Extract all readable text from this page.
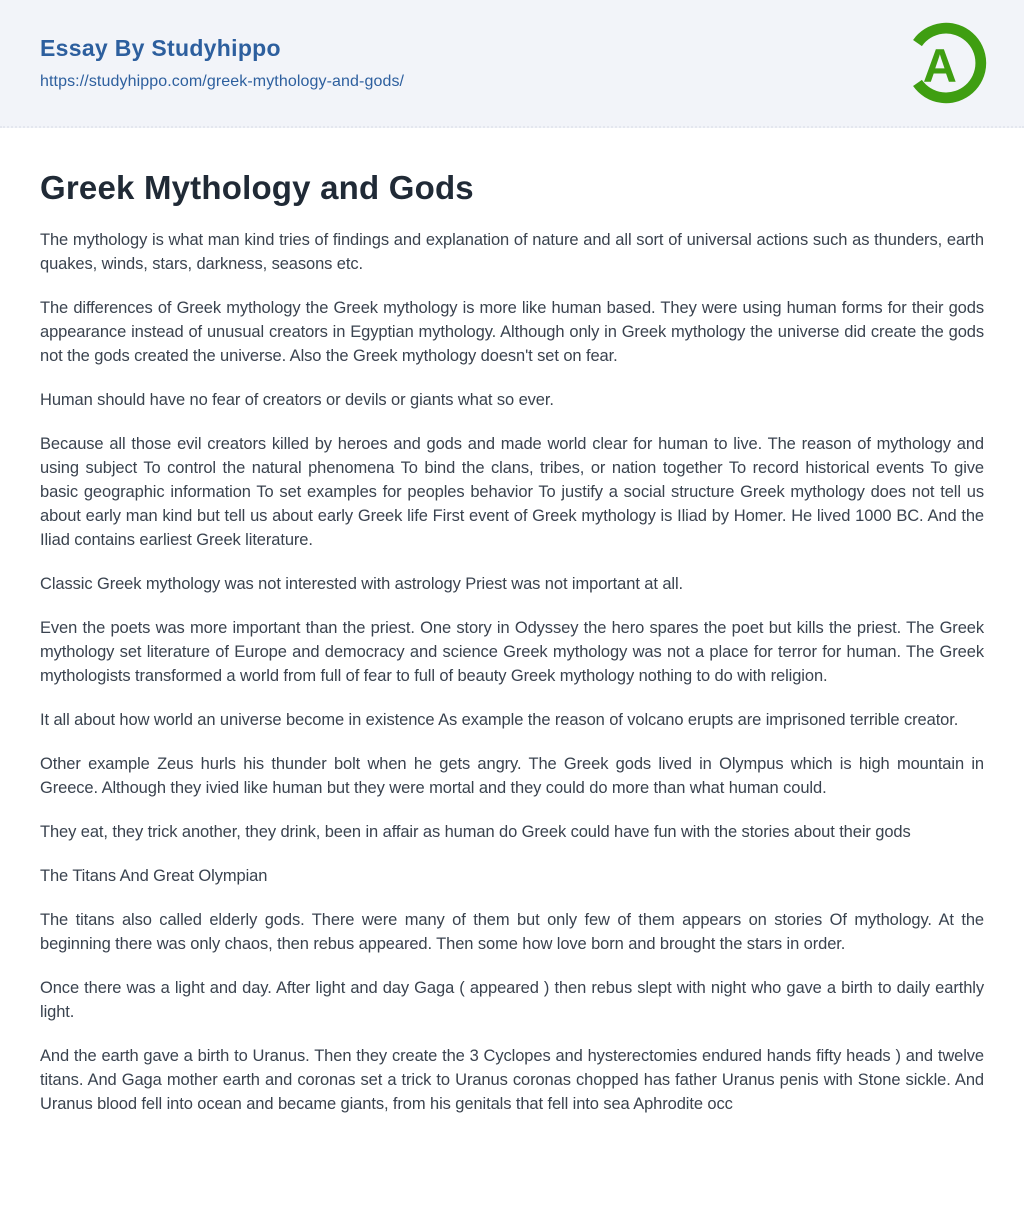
Essay By Studyhippo
https://studyhippo.com/greek-mythology-and-gods/	A
Greek Mythology and Gods

The mythology is what man kind tries of findings and explanation of nature and all sort of universal actions such as thunders, earth quakes, winds, stars, darkness, seasons etc.

The differences of Greek mythology the Greek mythology is more like human based. They were using human forms for their gods appearance instead of unusual creators in Egyptian mythology. Although only in Greek mythology the universe did create the gods not the gods created the universe. Also the Greek mythology doesn't set on fear.

Human should have no fear of creators or devils or giants what so ever.

Because all those evil creators killed by heroes and gods and made world clear for human to live. The reason of mythology and using subject To control the natural phenomena To bind the clans, tribes, or nation together To record historical events To give basic geographic information To set examples for peoples behavior To justify a social structure Greek mythology does not tell us about early man kind but tell us about early Greek life First event of Greek mythology is Iliad by Homer. He lived 1000 BC. And the Iliad contains earliest Greek literature.

Classic Greek mythology was not interested with astrology Priest was not important at all.

Even the poets was more important than the priest. One story in Odyssey the hero spares the poet but kills the priest. The Greek mythology set literature of Europe and democracy and science Greek mythology was not a place for terror for human. The Greek mythologists transformed a world from full of fear to full of beauty Greek mythology nothing to do with religion.

It all about how world an universe become in existence As example the reason of volcano erupts are imprisoned terrible creator.

Other example Zeus hurls his thunder bolt when he gets angry. The Greek gods lived in Olympus which is high mountain in Greece. Although they ivied like human but they were mortal and they could do more than what human could.

They eat, they trick another, they drink, been in affair as human do Greek could have fun with the stories about their gods

The Titans And Great Olympian

The titans also called elderly gods. There were many of them but only few of them appears on stories Of mythology. At the beginning there was only chaos, then rebus appeared. Then some how love born and brought the stars in order.

Once there was a light and day. After light and day Gaga ( appeared ) then rebus slept with night who gave a birth to daily earthly light.

And the earth gave a birth to Uranus. Then they create the 3 Cyclopes and hysterectomies endured hands fifty heads ) and twelve titans. And Gaga mother earth and coronas set a trick to Uranus coronas chopped has father Uranus penis with Stone sickle. And Uranus blood fell into ocean and became giants, from his genitals that fell into sea Aphrodite occ
